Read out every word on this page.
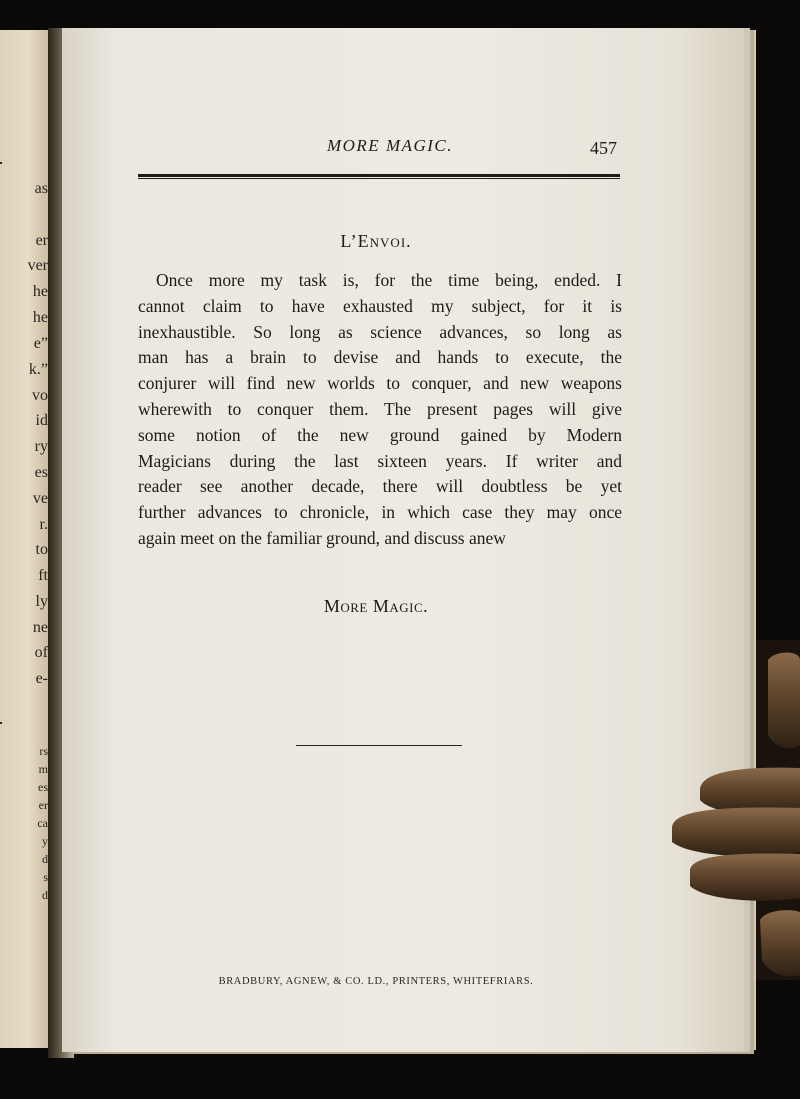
as
er
ver
he
he
e”
k.”
vo
id
ry
es
ve
r.
to
ft
ly
ne
of
e-
rs
m
es
er
ca
y
d
s
d
MORE MAGIC.	457
L’Envoi.
Once more my task is, for the time being, ended. I
cannot claim to have exhausted my subject, for it is
inexhaustible. So long as science advances, so long as
man has a brain to devise and hands to execute, the
conjurer will find new worlds to conquer, and new weapons
wherewith to conquer them. The present pages will give
some notion of the new ground gained by Modern
Magicians during the last sixteen years. If writer and
reader see another decade, there will doubtless be yet
further advances to chronicle, in which case they may once
again meet on the familiar ground, and discuss anew
More Magic.
BRADBURY, AGNEW, & CO. LD., PRINTERS, WHITEFRIARS.
